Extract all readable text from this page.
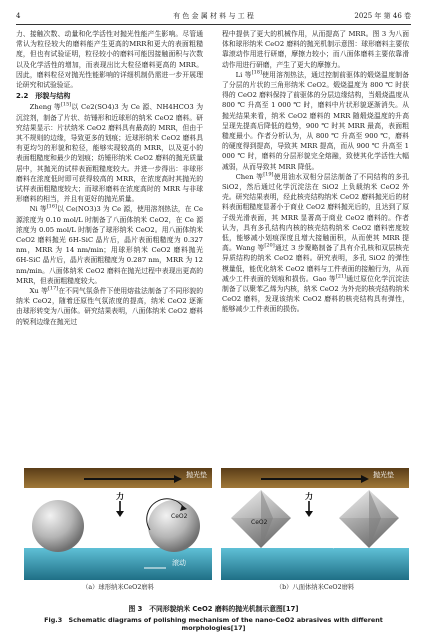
4	有 色 金 属 材 料 与 工 程	2025 年 第 46 卷

力、接触次数、动量和化学活性对抛光性能产生影响。尽管通常认为粒径较大的磨料能产生更高的MRR和更大的表面粗糙度，但也有试验证明，粒径较小的磨料可能因接触面积与次数以及化学活性的增加，而表现出比大粒径磨料更高的 MRR。因此，磨料粒径对抛光性能影响的详细机制仍需进一步开展理论研究和试验验证。

2.2　形貌与结构

Zheng 等[15]以 Ce2(SO4)3 为 Ce 源、NH4HCO3 为沉淀剂，制备了片状、纺锤形和近球形的纳米 CeO2 磨料。研究结果显示：片状纳米 CeO2 磨料具有最高的 MRR，但由于其不规则的边缘，导致更多的划痕；近球形纳米 CeO2 磨料具有更均匀的形貌和粒径，能够实现较高的 MRR，以及更小的表面粗糙度和最少的划痕；纺锤形纳米 CeO2 磨料的抛光质量居中，其抛光的试样表面粗糙度较大。并进一步得出：非球形磨料在浓度低时即可获得较高的 MRR，在浓度高时其抛光的试样表面粗糙度较大；而球形磨料在浓度高时的 MRR 与非球形磨料的相当，并且有更好的抛光质量。

Ni 等[16]以 Ce(NO3)3 为 Ce 源，使用溶剂热法，在 Ce 源浓度为 0.10 mol/L 时制备了八面体纳米 CeO2，在 Ce 源浓度为 0.05 mol/L 时制备了球形纳米 CeO2。用八面体纳米 CeO2 磨料抛光 6H-SiC 晶片后，晶片表面粗糙度为 0.327 nm，MRR 为 14 nm/min；用球形纳米 CeO2 磨料抛光 6H-SiC 晶片后，晶片表面粗糙度为 0.287 nm，MRR 为 12 nm/min。八面体纳米 CeO2 磨料在抛光过程中表现出更高的 MRR，但表面粗糙度较大。

Xu 等[17]在不同气氛条件下使用熔盐法制备了不同形貌的纳米 CeO2，随着还原性气氛浓度的提高，纳米 CeO2 逐渐由球形转变为八面体。研究结果表明，八面体纳米 CeO2 磨料的锐利边缘在抛光过

程中提供了更大的机械作用，从而提高了 MRR。图 3 为八面体和球形纳米 CeO2 磨料的抛光机制示意图：球形磨料主要依靠滚动作用进行研磨，摩擦力较小；而八面体磨料主要依靠滑动作用进行研磨，产生了更大的摩擦力。

Li 等[18]使用溶剂热法，通过控制前驱体的煅烧温度制备了分层的片状的三角形纳米 CeO2。煅烧温度为 800 ℃ 时获得的 CeO2 磨料保持了前驱体的分层边缘结构，当煅烧温度从 800 ℃ 升高至 1 000 ℃ 时，磨料中片状形貌逐渐消失。从抛光结果来看，纳米 CeO2 磨料的 MRR 随煅烧温度的升高呈现先提高后降低的趋势，900 ℃ 时其 MRR 最高，表面粗糙度最小。作者分析认为，从 800 ℃ 升高至 900 ℃，磨料的硬度得到提高，导致其 MRR 提高，而从 900 ℃ 升高至 1 000 ℃ 时，磨料的分层形貌完全熔融，致使其化学活性大幅减弱，从而导致其 MRR 降低。

Chen 等[19]使用油水双相分层法制备了不同结构的多孔 SiO2，然后通过化学沉淀法在 SiO2 上负载纳米 CeO2 外壳。研究结果表明，经此核壳结构纳米 CeO2 磨料抛光后的材料表面粗糙度显著小于商业 CeO2 磨料抛光后的，且达到了原子级光滑表面，其 MRR 显著高于商业 CeO2 磨料的。作者认为，具有多孔结构内核的核壳结构纳米 CeO2 磨料密度较低，能够减小划痕深度且增大接触面积，从而使其 MRR 提高。Wang 等[20]通过 3 步聚略制备了具有介孔核和双层核壳异质结构的纳米 CeO2 磨料。研究表明，多孔 SiO2 的弹性模量低，能优化纳米 CeO2 磨料与工件表面的接触行为，从而减少工件表面的划痕和损伤。Gao 等[21]通过原位化学沉淀法制备了以聚苯乙烯为内核，纳米 CeO2 为外壳的核壳结构纳米 CeO2 磨料，发现该纳米 CeO2 磨料的核壳结构具有弹性，能够减少工件表面的损伤。

抛光垫
力
CeO2
滚动
抛光垫
力
CeO2
滑动
（a）球形纳米CeO2磨料	（b）八面体纳米CeO2磨料
图 3　不同形貌纳米 CeO2 磨料的抛光机制示意图[17]
Fig.3　Schematic diagrams of polishing mechanism of the nano-CeO2 abrasives with different morphologies[17]
